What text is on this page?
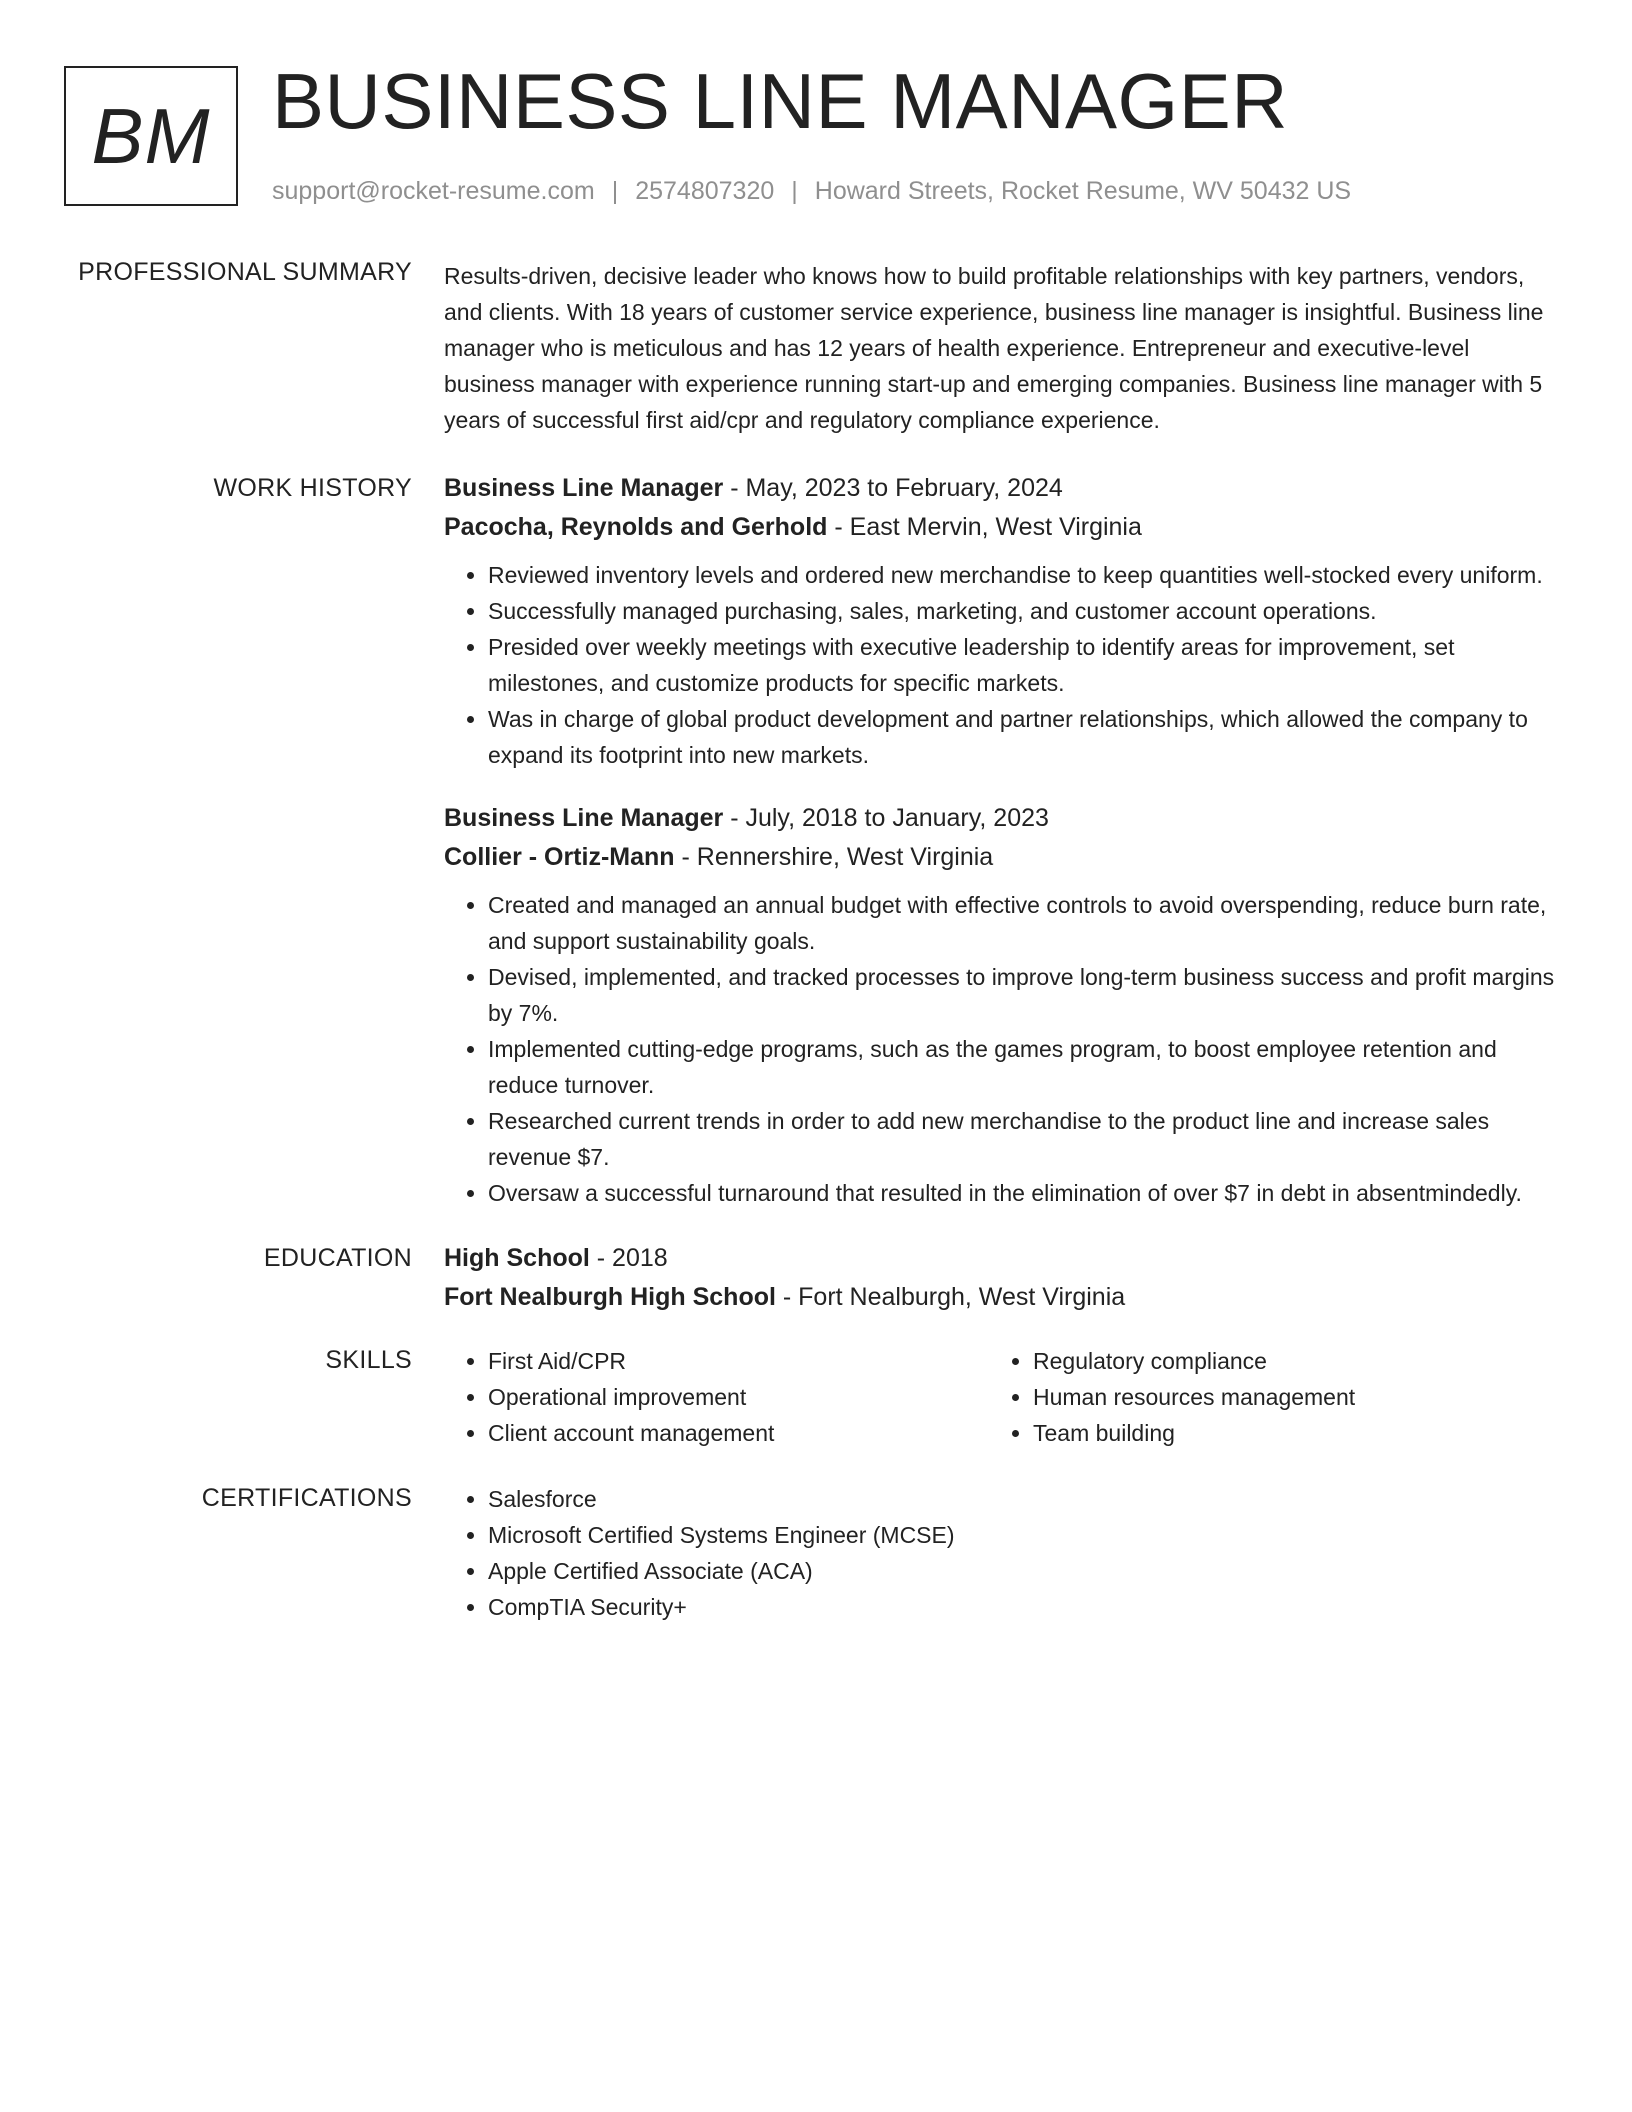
BM BUSINESS LINE MANAGER
support@rocket-resume.com | 2574807320 | Howard Streets, Rocket Resume, WV 50432 US
PROFESSIONAL SUMMARY Results-driven, decisive leader who knows how to build profitable relationships with key partners, vendors, and clients. With 18 years of customer service experience, business line manager is insightful. Business line manager who is meticulous and has 12 years of health experience. Entrepreneur and executive-level business manager with experience running start-up and emerging companies. Business line manager with 5 years of successful first aid/cpr and regulatory compliance experience.

WORK HISTORY Business Line Manager - May, 2023 to February, 2024
Pacocha, Reynolds and Gerhold - East Mervin, West Virginia
• Reviewed inventory levels and ordered new merchandise to keep quantities well-stocked every uniform.
• Successfully managed purchasing, sales, marketing, and customer account operations.
• Presided over weekly meetings with executive leadership to identify areas for improvement, set milestones, and customize products for specific markets.
• Was in charge of global product development and partner relationships, which allowed the company to expand its footprint into new markets.
Business Line Manager - July, 2018 to January, 2023
Collier - Ortiz-Mann - Rennershire, West Virginia
• Created and managed an annual budget with effective controls to avoid overspending, reduce burn rate, and support sustainability goals.
• Devised, implemented, and tracked processes to improve long-term business success and profit margins by 7%.
• Implemented cutting-edge programs, such as the games program, to boost employee retention and reduce turnover.
• Researched current trends in order to add new merchandise to the product line and increase sales revenue $7.
• Oversaw a successful turnaround that resulted in the elimination of over $7 in debt in absentmindedly.
EDUCATION High School - 2018
Fort Nealburgh High School - Fort Nealburgh, West Virginia
SKILLS	• First Aid/CPR
• Operational improvement
• Client account management
• Regulatory compliance
• Human resources management
• Team building
CERTIFICATIONS	• Salesforce
• Microsoft Certified Systems Engineer (MCSE)
• Apple Certified Associate (ACA)
• CompTIA Security+
